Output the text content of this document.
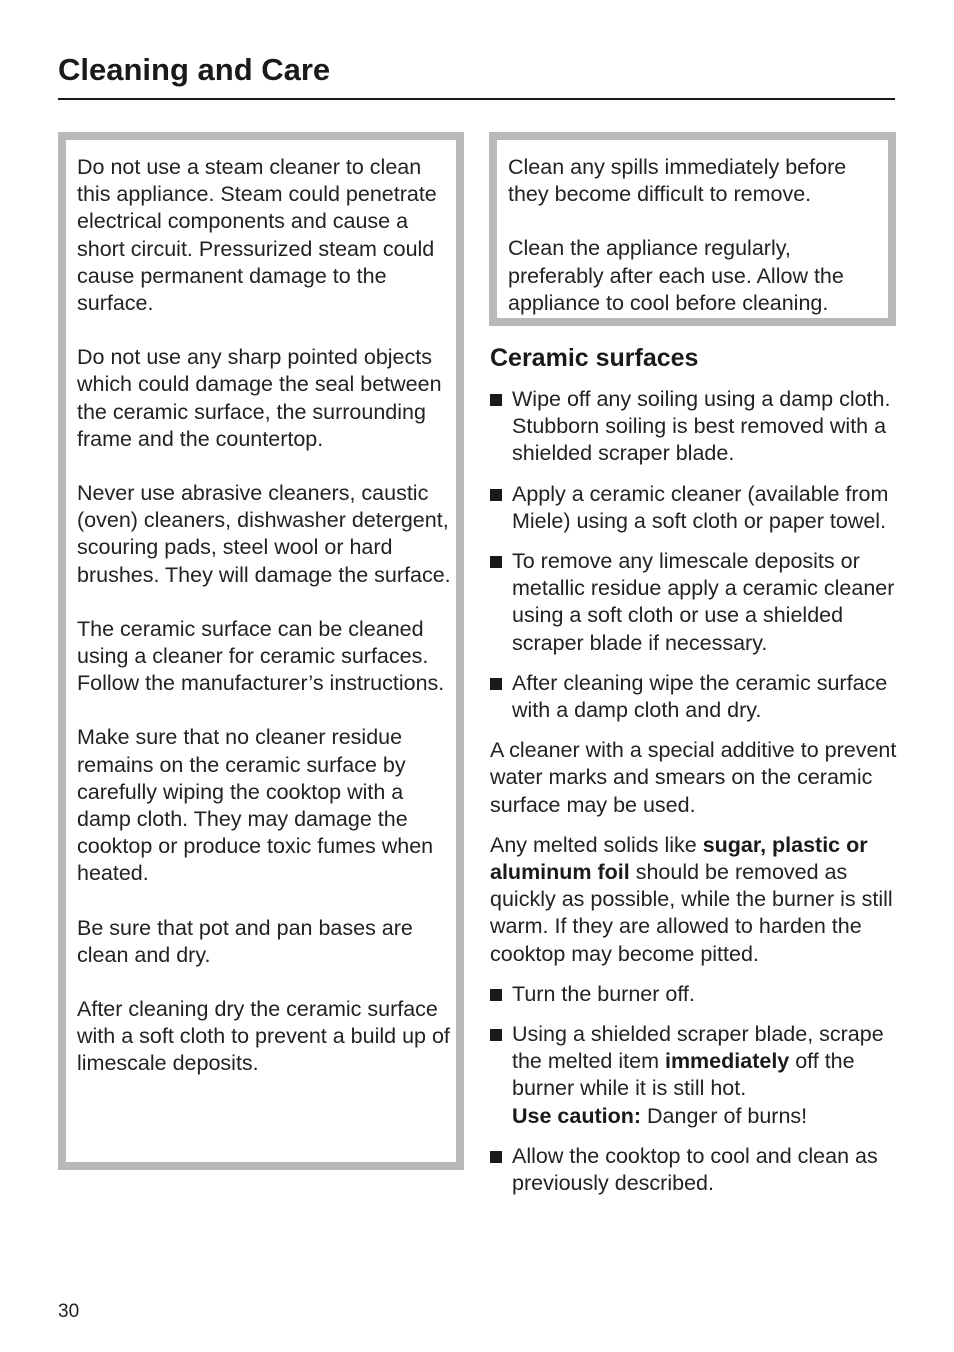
Cleaning and Care

Do not use a steam cleaner to clean this appliance. Steam could penetrate electrical components and cause a short circuit. Pressurized steam could cause permanent damage to the surface.

Do not use any sharp pointed objects which could damage the seal between the ceramic surface, the surrounding frame and the countertop.

Never use abrasive cleaners, caustic (oven) cleaners, dishwasher detergent, scouring pads, steel wool or hard brushes. They will damage the surface.

The ceramic surface can be cleaned using a cleaner for ceramic surfaces. Follow the manufacturer’s instructions.

Make sure that no cleaner residue remains on the ceramic surface by carefully wiping the cooktop with a damp cloth. They may damage the cooktop or produce toxic fumes when heated.

Be sure that pot and pan bases are clean and dry.

After cleaning dry the ceramic surface with a soft cloth to prevent a build up of limescale deposits.

Clean any spills immediately before they become difficult to remove.

Clean the appliance regularly, preferably after each use. Allow the appliance to cool before cleaning.

Ceramic surfaces
Wipe off any soiling using a damp cloth. Stubborn soiling is best removed with a shielded scraper blade.
Apply a ceramic cleaner (available from Miele) using a soft cloth or paper towel.
To remove any limescale deposits or metallic residue apply a ceramic cleaner using a soft cloth or use a shielded scraper blade if necessary.
After cleaning wipe the ceramic surface with a damp cloth and dry.

A cleaner with a special additive to prevent water marks and smears on the ceramic surface may be used.

Any melted solids like sugar, plastic or aluminum foil should be removed as quickly as possible, while the burner is still warm. If they are allowed to harden the cooktop may become pitted.

Turn the burner off.
Using a shielded scraper blade, scrape the melted item immediately off the burner while it is still hot.
Use caution: Danger of burns!
Allow the cooktop to cool and clean as previously described.
30
